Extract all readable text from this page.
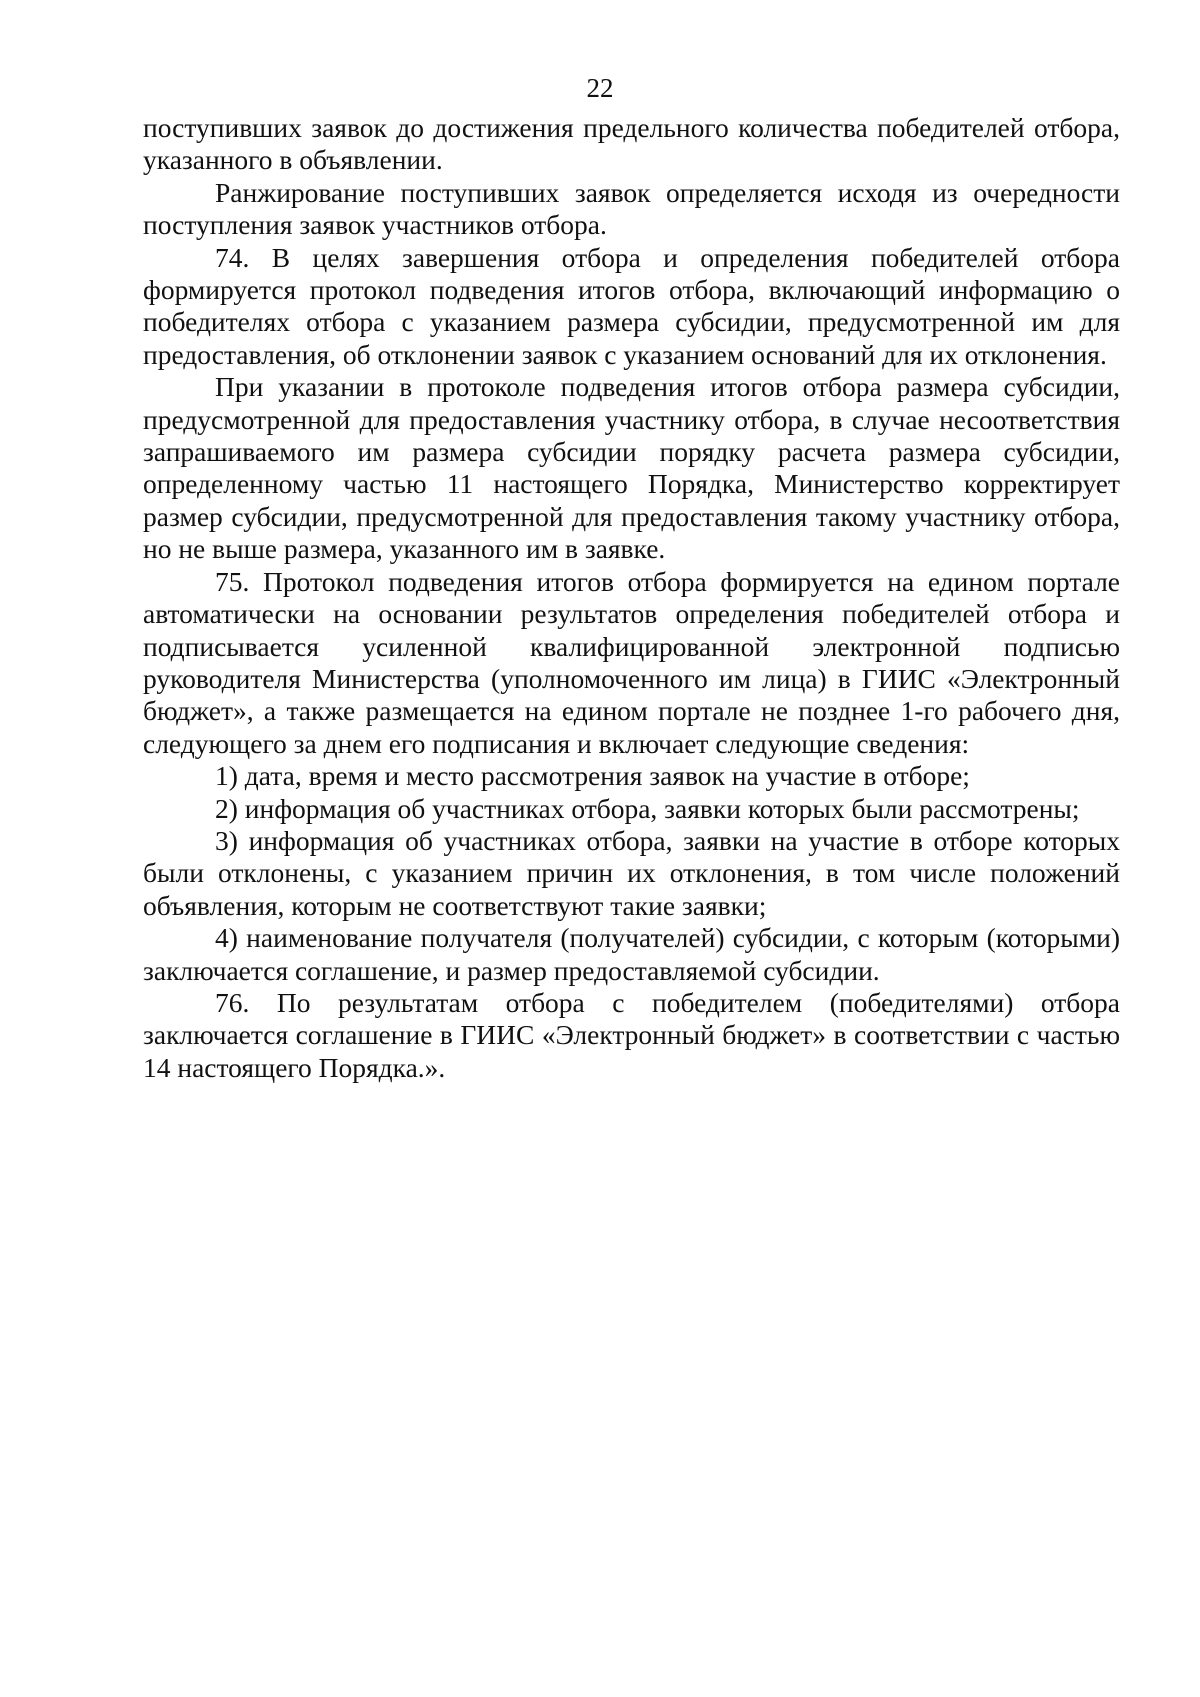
22

поступивших заявок до достижения предельного количества победителей отбора, указанного в объявлении.

Ранжирование поступивших заявок определяется исходя из очередности поступления заявок участников отбора.

74. В целях завершения отбора и определения победителей отбора формируется протокол подведения итогов отбора, включающий информацию о победителях отбора с указанием размера субсидии, предусмотренной им для предоставления, об отклонении заявок с указанием оснований для их отклонения.

При указании в протоколе подведения итогов отбора размера субсидии, предусмотренной для предоставления участнику отбора, в случае несоответствия запрашиваемого им размера субсидии порядку расчета размера субсидии, определенному частью 11 настоящего Порядка, Министерство корректирует размер субсидии, предусмотренной для предоставления такому участнику отбора, но не выше размера, указанного им в заявке.

75. Протокол подведения итогов отбора формируется на едином портале автоматически на основании результатов определения победителей отбора и подписывается усиленной квалифицированной электронной подписью руководителя Министерства (уполномоченного им лица) в ГИИС «Электронный бюджет», а также размещается на едином портале не позднее 1-го рабочего дня, следующего за днем его подписания и включает следующие сведения:

1) дата, время и место рассмотрения заявок на участие в отборе;

2) информация об участниках отбора, заявки которых были рассмотрены;

3) информация об участниках отбора, заявки на участие в отборе которых были отклонены, с указанием причин их отклонения, в том числе положений объявления, которым не соответствуют такие заявки;

4) наименование получателя (получателей) субсидии, с которым (которыми) заключается соглашение, и размер предоставляемой субсидии.

76. По результатам отбора с победителем (победителями) отбора заключается соглашение в ГИИС «Электронный бюджет» в соответствии с частью 14 настоящего Порядка.».
